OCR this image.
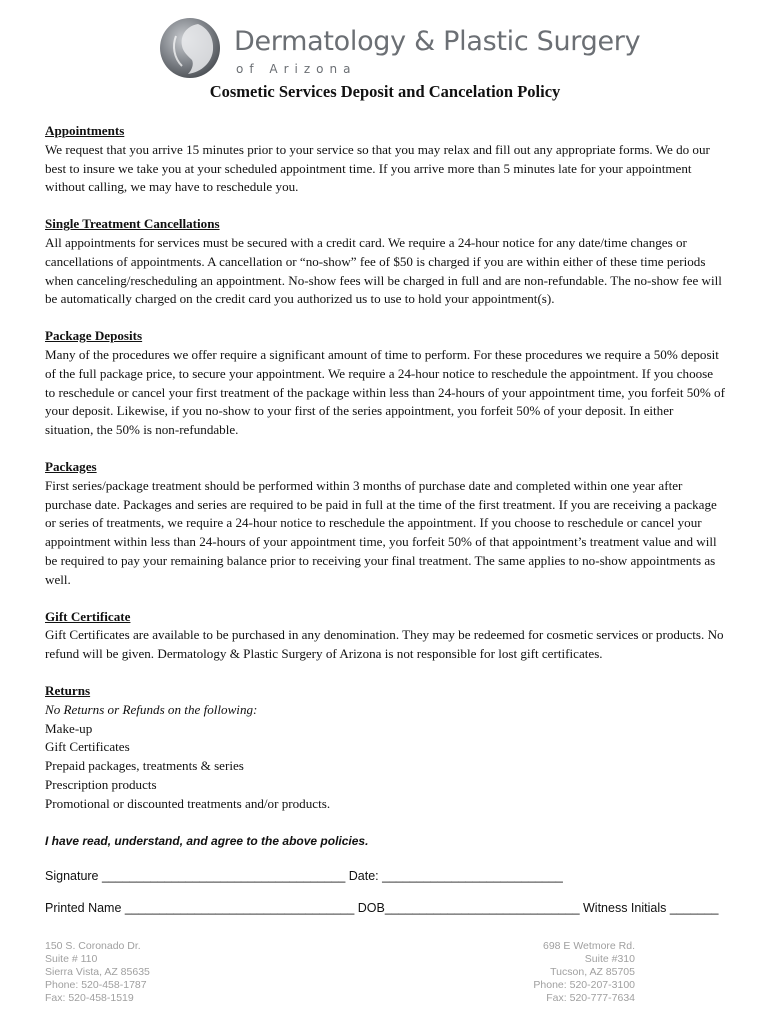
Dermatology & Plastic Surgery
of Arizona
Cosmetic Services Deposit and Cancelation Policy
Appointments

We request that you arrive 15 minutes prior to your service so that you may relax and fill out any appropriate forms. We do our best to insure we take you at your scheduled appointment time. If you arrive more than 5 minutes late for your appointment without calling, we may have to reschedule you.

Single Treatment Cancellations

All appointments for services must be secured with a credit card. We require a 24-hour notice for any date/time changes or cancellations of appointments. A cancellation or “no-show” fee of $50 is charged if you are within either of these time periods when canceling/rescheduling an appointment. No-show fees will be charged in full and are non-refundable. The no-show fee will be automatically charged on the credit card you authorized us to use to hold your appointment(s).

Package Deposits

Many of the procedures we offer require a significant amount of time to perform. For these procedures we require a 50% deposit of the full package price, to secure your appointment. We require a 24-hour notice to reschedule the appointment. If you choose to reschedule or cancel your first treatment of the package within less than 24-hours of your appointment time, you forfeit 50% of your deposit. Likewise, if you no-show to your first of the series appointment, you forfeit 50% of your deposit. In either situation, the 50% is non-refundable.

Packages

First series/package treatment should be performed within 3 months of purchase date and completed within one year after purchase date. Packages and series are required to be paid in full at the time of the first treatment. If you are receiving a package or series of treatments, we require a 24-hour notice to reschedule the appointment. If you choose to reschedule or cancel your appointment within less than 24-hours of your appointment time, you forfeit 50% of that appointment’s treatment value and will be required to pay your remaining balance prior to receiving your final treatment. The same applies to no-show appointments as well.

Gift Certificate

Gift Certificates are available to be purchased in any denomination. They may be redeemed for cosmetic services or products. No refund will be given. Dermatology & Plastic Surgery of Arizona is not responsible for lost gift certificates.

Returns

No Returns or Refunds on the following:

Make-up
Gift Certificates
Prepaid packages, treatments & series
Prescription products
Promotional or discounted treatments and/or products.
I have read, understand, and agree to the above policies.
Signature ___________________________________ Date: __________________________
Printed Name _________________________________ DOB____________________________ Witness Initials _______
150 S. Coronado Dr.
Suite # 110
Sierra Vista, AZ 85635
Phone: 520-458-1787
Fax: 520-458-1519
698 E Wetmore Rd.
Suite #310
Tucson, AZ 85705
Phone: 520-207-3100
Fax: 520-777-7634
